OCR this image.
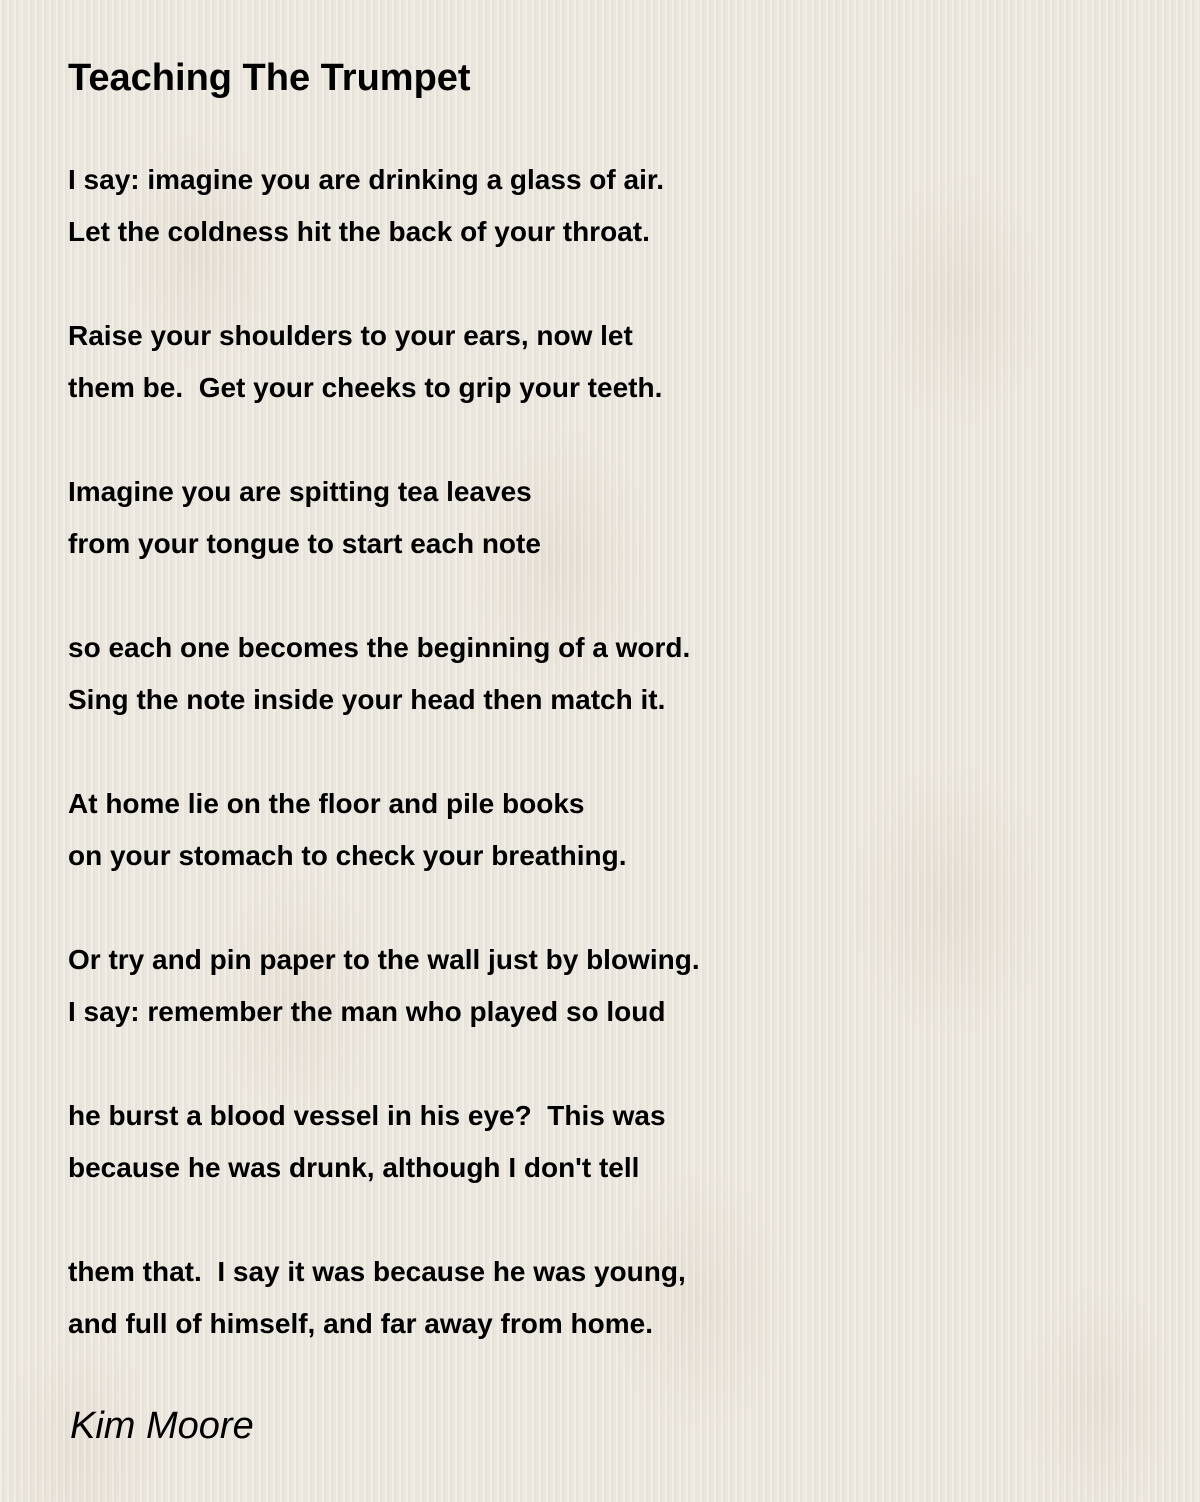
Teaching The Trumpet
I say: imagine you are drinking a glass of air.
Let the coldness hit the back of your throat.
Raise your shoulders to your ears, now let
them be.  Get your cheeks to grip your teeth.
Imagine you are spitting tea leaves
from your tongue to start each note
so each one becomes the beginning of a word.
Sing the note inside your head then match it.
At home lie on the floor and pile books
on your stomach to check your breathing.
Or try and pin paper to the wall just by blowing.
I say: remember the man who played so loud
he burst a blood vessel in his eye?  This was
because he was drunk, although I don't tell
them that.  I say it was because he was young,
and full of himself, and far away from home.
Kim Moore
